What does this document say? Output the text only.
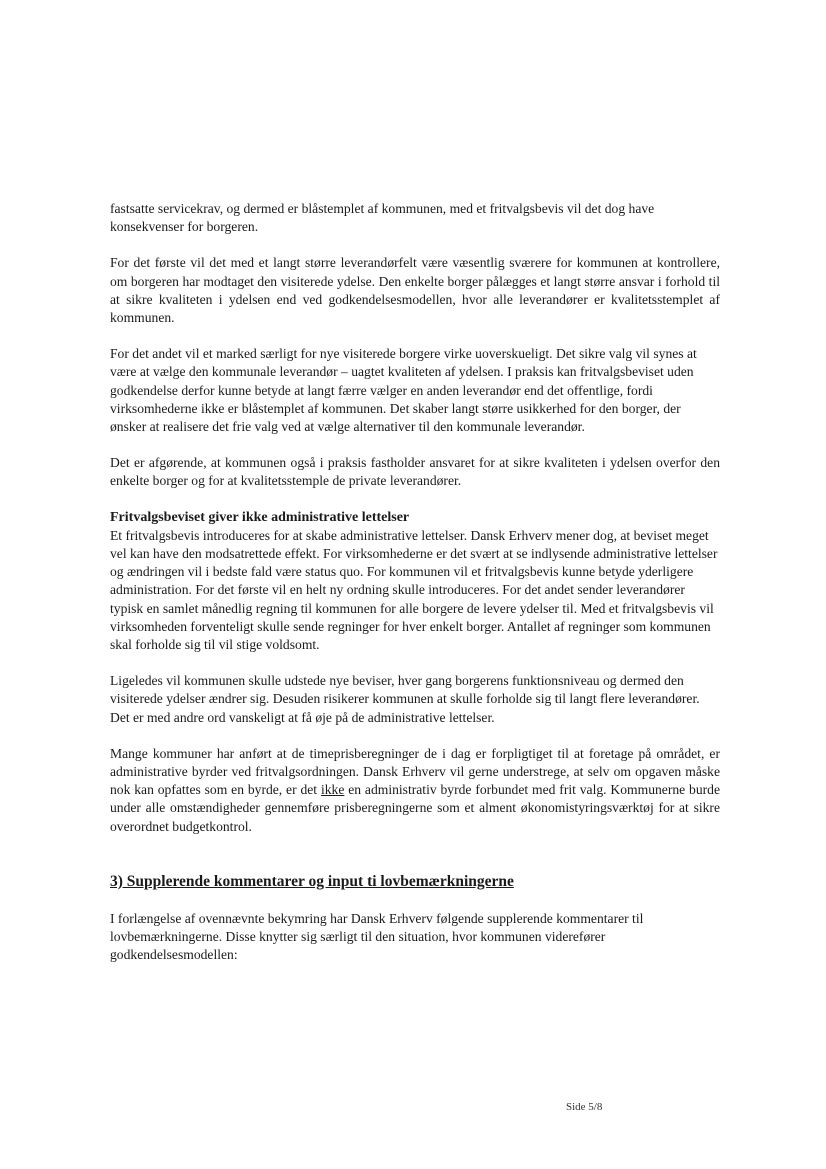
fastsatte servicekrav, og dermed er blåstemplet af kommunen, med et fritvalgsbevis vil det dog have konsekvenser for borgeren.

For det første vil det med et langt større leverandørfelt være væsentlig sværere for kommunen at kontrollere, om borgeren har modtaget den visiterede ydelse. Den enkelte borger pålægges et langt større ansvar i forhold til at sikre kvaliteten i ydelsen end ved godkendelsesmodellen, hvor alle leverandører er kvalitetsstemplet af kommunen.

For det andet vil et marked særligt for nye visiterede borgere virke uoverskueligt. Det sikre valg vil synes at være at vælge den kommunale leverandør – uagtet kvaliteten af ydelsen. I praksis kan fritvalgsbeviset uden godkendelse derfor kunne betyde at langt færre vælger en anden leverandør end det offentlige, fordi virksomhederne ikke er blåstemplet af kommunen. Det skaber langt større usikkerhed for den borger, der ønsker at realisere det frie valg ved at vælge alternativer til den kommunale leverandør.

Det er afgørende, at kommunen også i praksis fastholder ansvaret for at sikre kvaliteten i ydelsen overfor den enkelte borger og for at kvalitetsstemple de private leverandører.

Fritvalgsbeviset giver ikke administrative lettelser

Et fritvalgsbevis introduceres for at skabe administrative lettelser. Dansk Erhverv mener dog, at beviset meget vel kan have den modsatrettede effekt. For virksomhederne er det svært at se indlysende administrative lettelser og ændringen vil i bedste fald være status quo. For kommunen vil et fritvalgsbevis kunne betyde yderligere administration. For det første vil en helt ny ordning skulle introduceres. For det andet sender leverandører typisk en samlet månedlig regning til kommunen for alle borgere de levere ydelser til. Med et fritvalgsbevis vil virksomheden forventeligt skulle sende regninger for hver enkelt borger. Antallet af regninger som kommunen skal forholde sig til vil stige voldsomt.

Ligeledes vil kommunen skulle udstede nye beviser, hver gang borgerens funktionsniveau og dermed den visiterede ydelser ændrer sig. Desuden risikerer kommunen at skulle forholde sig til langt flere leverandører. Det er med andre ord vanskeligt at få øje på de administrative lettelser.

Mange kommuner har anført at de timeprisberegninger de i dag er forpligtiget til at foretage på området, er administrative byrder ved fritvalgsordningen. Dansk Erhverv vil gerne understrege, at selv om opgaven måske nok kan opfattes som en byrde, er det ikke en administrativ byrde forbundet med frit valg. Kommunerne burde under alle omstændigheder gennemføre prisberegningerne som et alment økonomistyringsværktøj for at sikre overordnet budgetkontrol.

3) Supplerende kommentarer og input ti lovbemærkningerne

I forlængelse af ovennævnte bekymring har Dansk Erhverv følgende supplerende kommentarer til lovbemærkningerne. Disse knytter sig særligt til den situation, hvor kommunen viderefører godkendelsesmodellen:

Side 5/8
